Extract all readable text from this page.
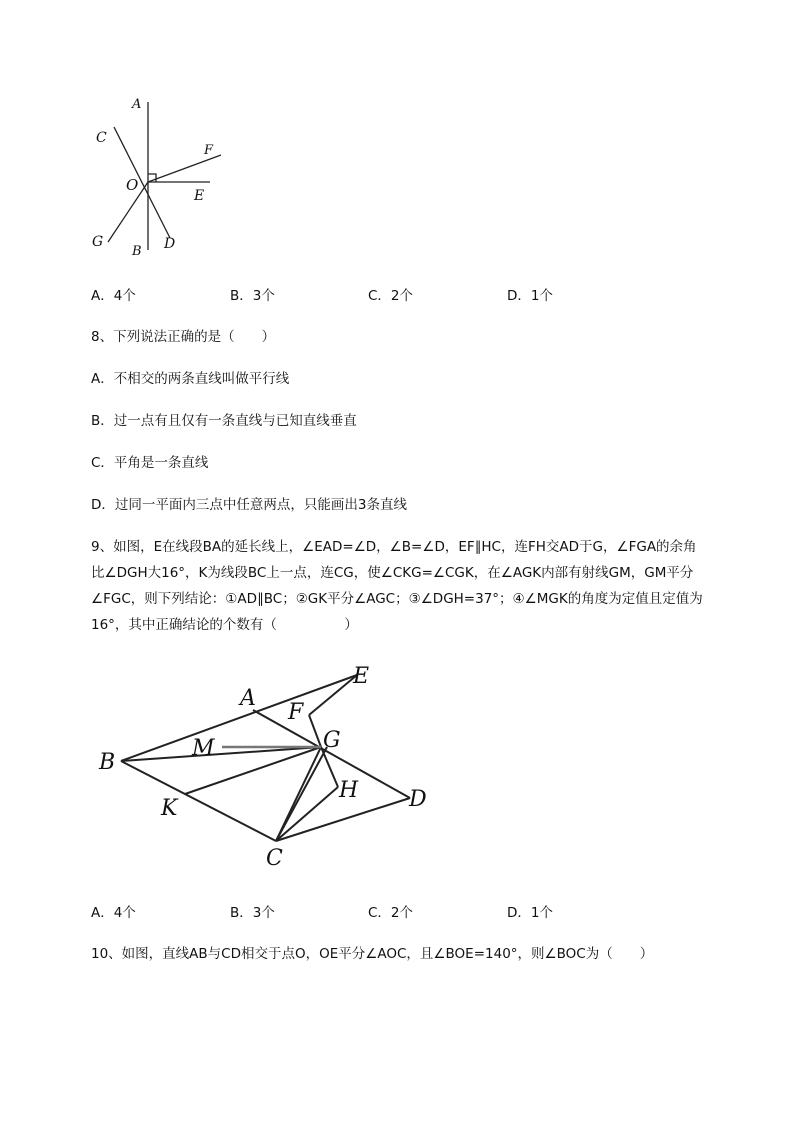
A
C
F
O
E
G
B D
A．4个	B．3个	C．2个	D．1个
8、下列说法正确的是（　　）
A．不相交的两条直线叫做平行线
B．过一点有且仅有一条直线与已知直线垂直
C．平角是一条直线
D．过同一平面内三点中任意两点，只能画出3条直线
9、如图，E在线段BA的延长线上，∠EAD=∠D，∠B=∠D，EF∥HC，连FH交AD于G，∠FGA的余角
比∠DGH大16°，K为线段BC上一点，连CG，使∠CKG=∠CGK，在∠AGK内部有射线GM，GM平分
∠FGC，则下列结论：①AD∥BC；②GK平分∠AGC；③∠DGH=37°；④∠MGK的角度为定值且定值为
16°，其中正确结论的个数有（　　　　　）
A
E
F
M	G
B
H D
K
C
A．4个	B．3个	C．2个	D．1个
10、如图，直线AB与CD相交于点O，OE平分∠AOC，且∠BOE=140°，则∠BOC为（　　）
